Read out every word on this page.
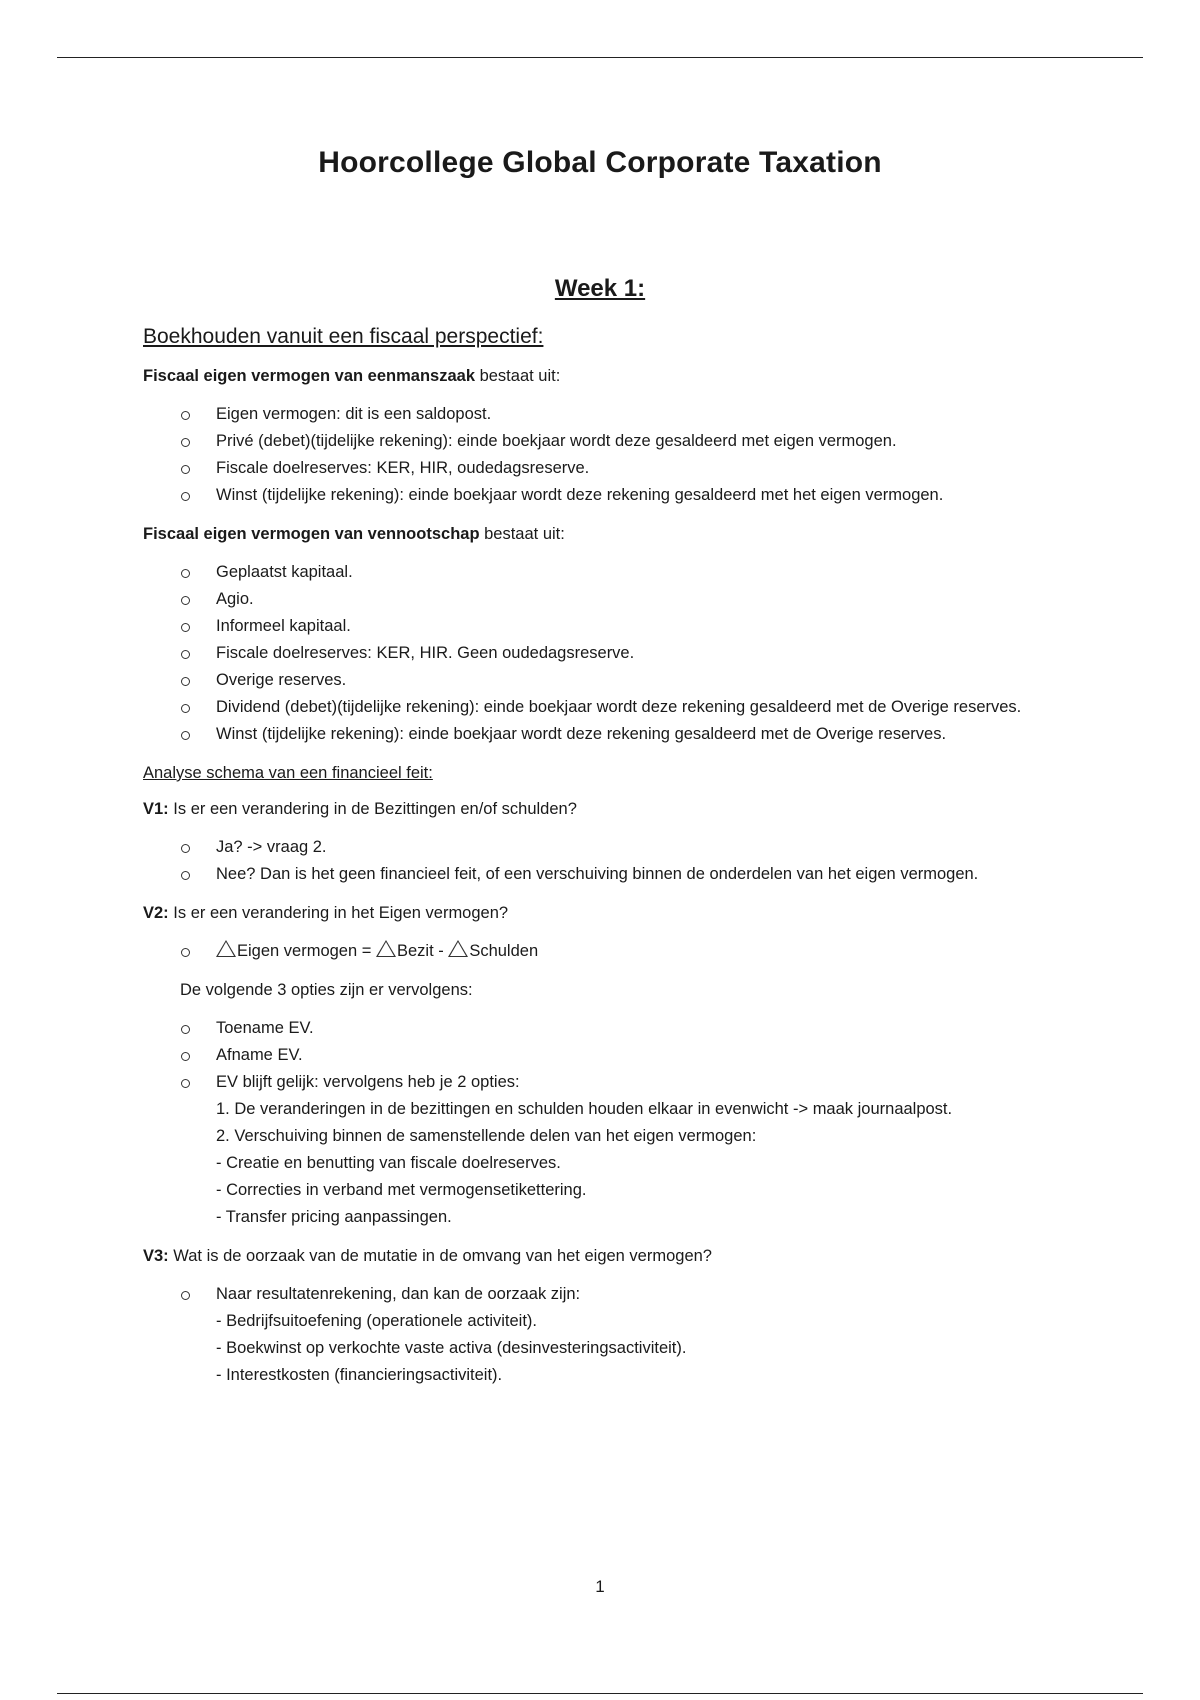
Hoorcollege Global Corporate Taxation
Week 1:
Boekhouden vanuit een fiscaal perspectief:

Fiscaal eigen vermogen van eenmanszaak bestaat uit:

Eigen vermogen: dit is een saldopost.
Privé (debet)(tijdelijke rekening): einde boekjaar wordt deze gesaldeerd met eigen vermogen.
Fiscale doelreserves: KER, HIR, oudedagsreserve.
Winst (tijdelijke rekening): einde boekjaar wordt deze rekening gesaldeerd met het eigen vermogen.

Fiscaal eigen vermogen van vennootschap bestaat uit:

Geplaatst kapitaal.
Agio.
Informeel kapitaal.
Fiscale doelreserves: KER, HIR. Geen oudedagsreserve.
Overige reserves.
Dividend (debet)(tijdelijke rekening): einde boekjaar wordt deze rekening gesaldeerd met de Overige reserves.
Winst (tijdelijke rekening): einde boekjaar wordt deze rekening gesaldeerd met de Overige reserves.

Analyse schema van een financieel feit:

V1: Is er een verandering in de Bezittingen en/of schulden?

Ja? -> vraag 2.
Nee? Dan is het geen financieel feit, of een verschuiving binnen de onderdelen van het eigen vermogen.

V2: Is er een verandering in het Eigen vermogen?

Eigen vermogen = Bezit - Schulden

De volgende 3 opties zijn er vervolgens:

Toename EV.
Afname EV.
EV blijft gelijk: vervolgens heb je 2 opties:
1. De veranderingen in de bezittingen en schulden houden elkaar in evenwicht -> maak journaalpost.
2. Verschuiving binnen de samenstellende delen van het eigen vermogen:
- Creatie en benutting van fiscale doelreserves.
- Correcties in verband met vermogensetikettering.
- Transfer pricing aanpassingen.

V3: Wat is de oorzaak van de mutatie in de omvang van het eigen vermogen?

Naar resultatenrekening, dan kan de oorzaak zijn:
- Bedrijfsuitoefening (operationele activiteit).
- Boekwinst op verkochte vaste activa (desinvesteringsactiviteit).
- Interestkosten (financieringsactiviteit).
1
